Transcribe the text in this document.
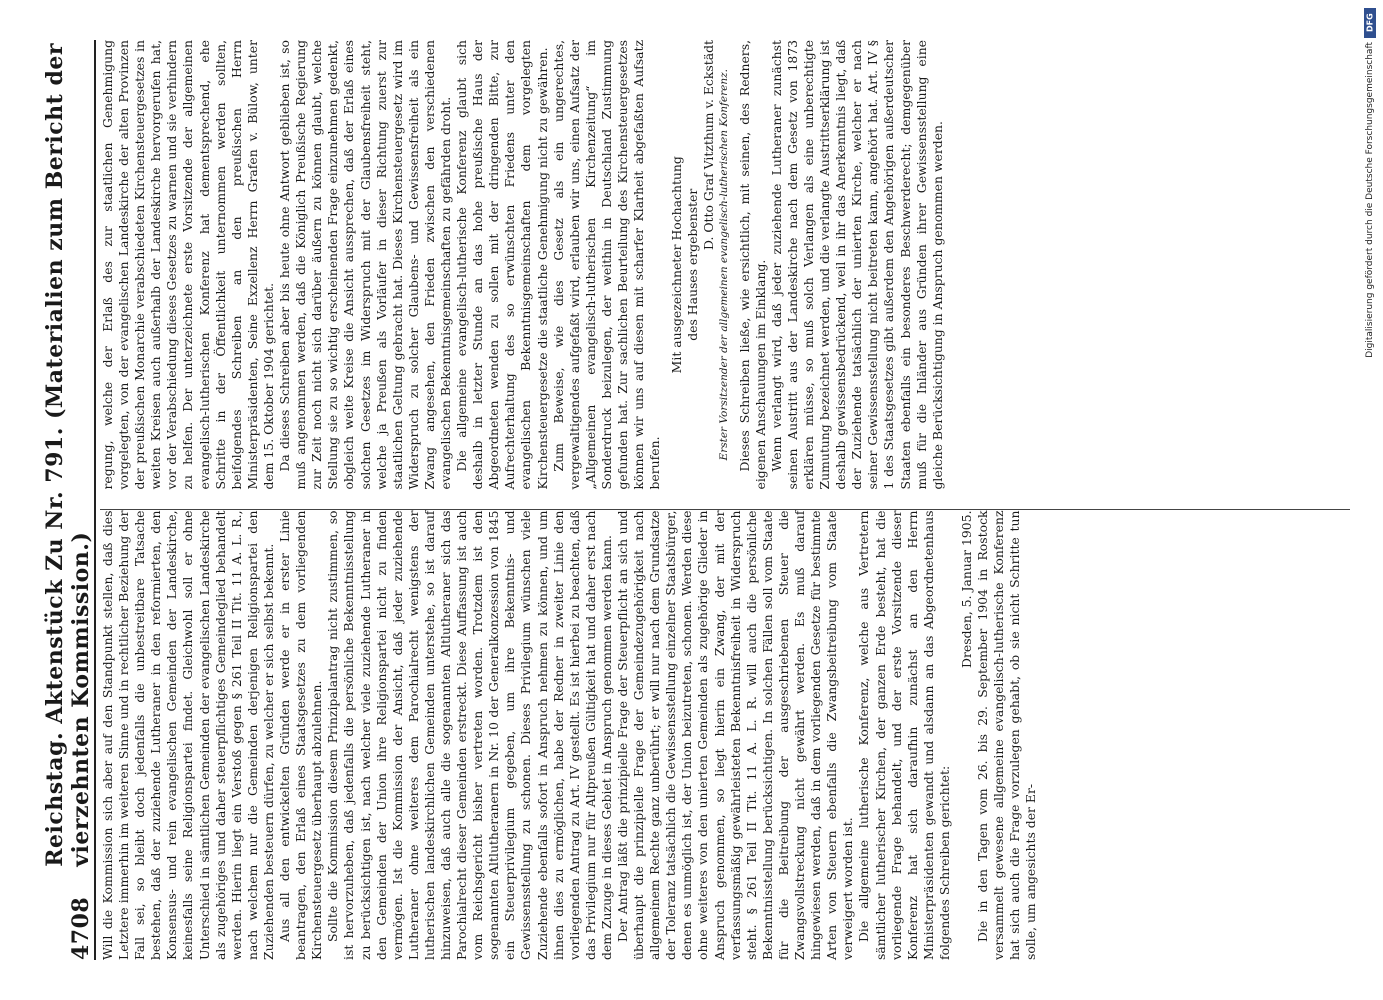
4708
Reichstag. Aktenstück Zu Nr. 791. (Materialien zum Bericht der vierzehnten Kommission.) Will die Kommission sich aber auf den Standpunkt stellen, daß dies Letztere immerhin im weiteren Sinne und in rechtlicher Beziehung der Fall sei, so bleibt doch jedenfalls die unbestreitbare Tatsache bestehen, daß der zuziehende Lutheraner in den reformierten, den Konsensus- und rein evangelischen Gemeinden der Landeskirche, keinesfalls seine Religionspartei findet. Gleichwohl soll er ohne Unterschied in sämtlichen Gemeinden der evangelischen Landeskirche als zugehöriges und daher steuerpflichtiges Gemeindeglied behandelt werden. Hierin liegt ein Verstoß gegen § 261 Teil II Tit. 11 A. L. R., nach welchem nur die Gemeinden derjenigen Religionspartei den Zuziehenden besteuern dürfen, zu welcher er sich selbst bekennt. Aus all den entwickelten Gründen werde er in erster Linie beantragen, den Erlaß eines Staatsgesetzes zu dem vorliegenden Kirchensteuergesetz überhaupt abzulehnen. Sollte die Kommission diesem Prinzipalantrag nicht zustimmen, so ist hervorzuheben, daß jedenfalls die persönliche Bekenntnisstellung zu berücksichtigen ist, nach welcher viele zuziehende Lutheraner in den Gemeinden der Union ihre Religionspartei nicht zu finden vermögen. Ist die Kommission der Ansicht, daß jeder zuziehende Lutheraner ohne weiteres dem Parochialrecht wenigstens der lutherischen landeskirchlichen Gemeinden unterstehe, so ist darauf hinzuweisen, daß auch alle die sogenannten Altlutheraner sich das Parochialrecht dieser Gemeinden erstreckt. Diese Auffassung ist auch vom Reichsgericht bisher vertreten worden. Trotzdem ist den sogenannten Altlutheranern in Nr. 10 der Generalkonzession von 1845 ein Steuerprivilegium gegeben, um ihre Bekenntnis- und Gewissensstellung zu schonen. Dieses Privilegium wünschen viele Zuziehende ebenfalls sofort in Anspruch nehmen zu können, und um ihnen dies zu ermöglichen, habe der Redner in zweiter Linie den vorliegenden Antrag zu Art. IV gestellt. Es ist hierbei zu beachten, daß das Privilegium nur für Altpreußen Gültigkeit hat und daher erst nach dem Zuzuge in dieses Gebiet in Anspruch genommen werden kann. Der Antrag läßt die prinzipielle Frage der Steuerpflicht an sich und überhaupt die prinzipielle Frage der Gemeindezugehörigkeit nach allgemeinem Rechte ganz unberührt; er will nur nach dem Grundsatze der Toleranz tatsächlich die Gewissensstellung einzelner Staatsbürger, denen es unmöglich ist, der Union beizutreten, schonen. Werden diese ohne weiteres von den unierten Gemeinden als zugehörige Glieder in Anspruch genommen, so liegt hierin ein Zwang, der mit der verfassungsmäßig gewährleisteten Bekenntnisfreiheit in Widerspruch steht. § 261 Teil II Tit. 11 A. L. R. will auch die persönliche Bekenntnisstellung berücksichtigen. In solchen Fällen soll vom Staate für die Beitreibung der ausgeschriebenen Steuer die Zwangsvollstreckung nicht gewährt werden. Es muß darauf hingewiesen werden, daß in dem vorliegenden Gesetze für bestimmte Arten von Steuern ebenfalls die Zwangsbeitreibung vom Staate verweigert worden ist. Die allgemeine lutherische Konferenz, welche aus Vertretern sämtlicher lutherischer Kirchen, der ganzen Erde besteht, hat die vorliegende Frage behandelt, und der erste Vorsitzende dieser Konferenz hat sich daraufhin zunächst an den Herrn Ministerpräsidenten gewandt und alsdann an das Abgeordnetenhaus folgendes Schreiben gerichtet:

Dresden, 5. Januar 1905. Die in den Tagen vom 26. bis 29. September 1904 in Rostock versammelt gewesene allgemeine evangelisch-lutherische Konferenz hat sich auch die Frage vorzulegen gehabt, ob sie nicht Schritte tun solle, um angesichts der Er-

regung, welche der Erlaß des zur staatlichen Genehmigung vorgelegten, von der evangelischen Landeskirche der alten Provinzen der preußischen Monarchie verabschiedeten Kirchensteuergesetzes in weiten Kreisen auch außerhalb der Landeskirche hervorgerufen hat, vor der Verabschiedung dieses Gesetzes zu warnen und sie verhindern zu helfen. Der unterzeichnete erste Vorsitzende der allgemeinen evangelisch-lutherischen Konferenz hat dementsprechend, ehe Schritte in der Öffentlichkeit unternommen werden sollten, beifolgendes Schreiben an den preußischen Herrn Ministerpräsidenten, Seine Exzellenz Herrn Grafen v. Bülow, unter dem 15. Oktober 1904 gerichtet. Da dieses Schreiben aber bis heute ohne Antwort geblieben ist, so muß angenommen werden, daß die Königlich Preußische Regierung zur Zeit noch nicht sich darüber äußern zu können glaubt, welche Stellung sie zu so wichtig erscheinenden Frage einzunehmen gedenkt, obgleich weite Kreise die Ansicht aussprechen, daß der Erlaß eines solchen Gesetzes im Widerspruch mit der Glaubensfreiheit steht, welche ja Preußen als Vorläufer in dieser Richtung zuerst zur staatlichen Geltung gebracht hat. Dieses Kirchensteuergesetz wird im Widerspruch zu solcher Glaubens- und Gewissensfreiheit als ein Zwang angesehen, den Frieden zwischen den verschiedenen evangelischen Bekenntnisgemeinschaften zu gefährden droht. Die allgemeine evangelisch-lutherische Konferenz glaubt sich deshalb in letzter Stunde an das hohe preußische Haus der Abgeordneten wenden zu sollen mit der dringenden Bitte, zur Aufrechterhaltung des so erwünschten Friedens unter den evangelischen Bekenntnisgemeinschaften dem vorgelegten Kirchensteuergesetze die staatliche Genehmigung nicht zu gewähren. Zum Beweise, wie dies Gesetz als ein ungerechtes, vergewaltigendes aufgefaßt wird, erlauben wir uns, einen Aufsatz der „Allgemeinen evangelisch-lutherischen Kirchenzeitung“ im Sonderdruck beizulegen, der weithin in Deutschland Zustimmung gefunden hat. Zur sachlichen Beurteilung des Kirchensteuergesetzes können wir uns auf diesen mit scharfer Klarheit abgefaßten Aufsatz berufen.

Mit ausgezeichneter Hochachtung des Hauses ergebenster

D. Otto Graf Vitzthum v. Eckstädt Erster Vorsitzender der allgemeinen evangelisch-lutherischen Konferenz. Dieses Schreiben ließe, wie ersichtlich, mit seinen, des Redners, eigenen Anschauungen im Einklang. Wenn verlangt wird, daß jeder zuziehende Lutheraner zunächst seinen Austritt aus der Landeskirche nach dem Gesetz von 1873 erklären müsse, so muß solch Verlangen als eine unberechtigte Zumutung bezeichnet werden, und die verlangte Austrittserklärung ist deshalb gewissensbedrückend, weil in ihr das Anerkenntnis liegt, daß der Zuziehende tatsächlich der unierten Kirche, welcher er nach seiner Gewissensstellung nicht beitreten kann, angehört hat. Art. IV § 1 des Staatsgesetzes gibt außerdem den Angehörigen außerdeutscher Staaten ebenfalls ein besonderes Beschwerderecht; demgegenüber muß für die Inländer aus Gründen ihrer Gewissensstellung eine gleiche Berücksichtigung in Anspruch genommen werden.

DFG
Digitalisierung gefördert durch die Deutsche Forschungsgemeinschaft
